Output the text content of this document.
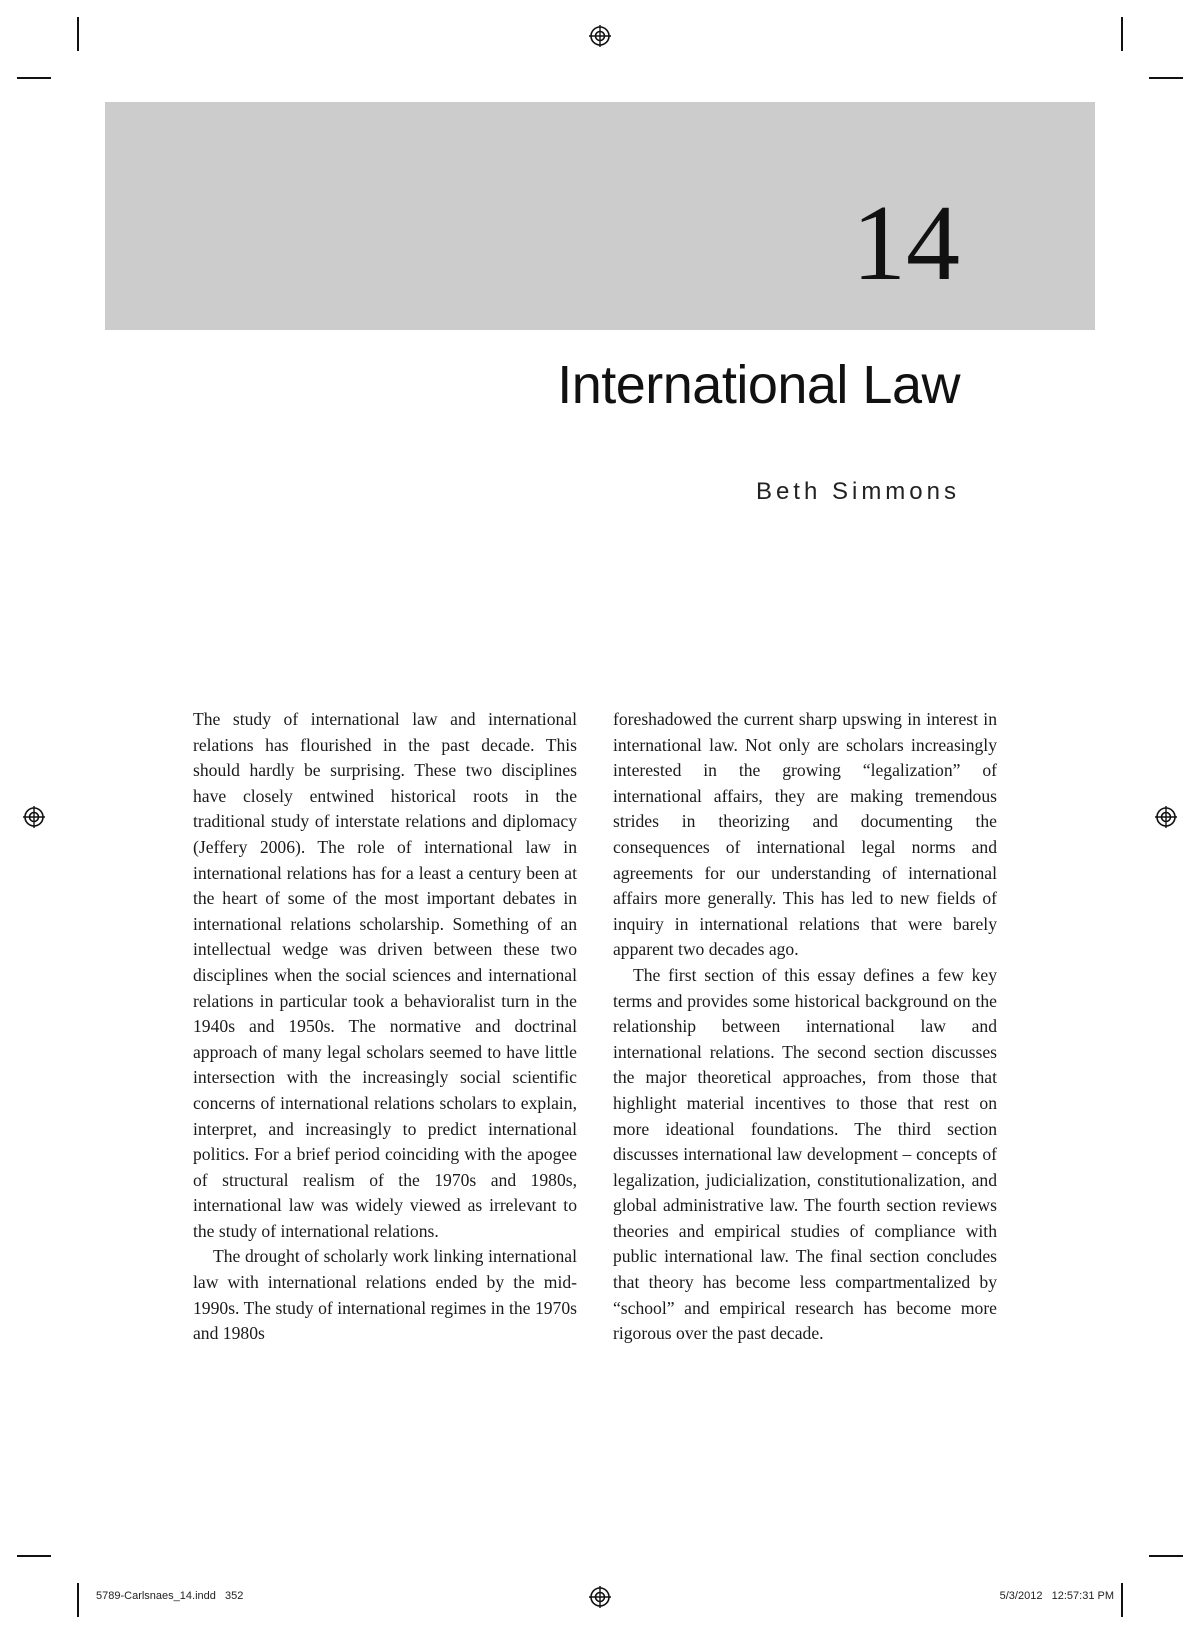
14
International Law
Beth Simmons

The study of international law and international relations has flourished in the past decade. This should hardly be surprising. These two disciplines have closely entwined historical roots in the traditional study of interstate relations and diplomacy (Jeffery 2006). The role of international law in international relations has for a least a century been at the heart of some of the most important debates in international relations scholarship. Something of an intellectual wedge was driven between these two disciplines when the social sciences and international relations in particular took a behavioralist turn in the 1940s and 1950s. The normative and doctrinal approach of many legal scholars seemed to have little intersection with the increasingly social scientific concerns of international relations scholars to explain, interpret, and increasingly to predict international politics. For a brief period coinciding with the apogee of structural realism of the 1970s and 1980s, international law was widely viewed as irrelevant to the study of international relations.

The drought of scholarly work linking international law with international relations ended by the mid-1990s. The study of international regimes in the 1970s and 1980s

foreshadowed the current sharp upswing in interest in international law. Not only are scholars increasingly interested in the growing “legalization” of international affairs, they are making tremendous strides in theorizing and documenting the consequences of international legal norms and agreements for our understanding of international affairs more generally. This has led to new fields of inquiry in international relations that were barely apparent two decades ago.

The first section of this essay defines a few key terms and provides some historical background on the relationship between international law and international relations. The second section discusses the major theoretical approaches, from those that highlight material incentives to those that rest on more ideational foundations. The third section discusses international law development – concepts of legalization, judicialization, constitutionalization, and global administrative law. The fourth section reviews theories and empirical studies of compliance with public international law. The final section concludes that theory has become less compartmentalized by “school” and empirical research has become more rigorous over the past decade.

5789-Carlsnaes_14.indd   352	5/3/2012   12:57:31 PM
